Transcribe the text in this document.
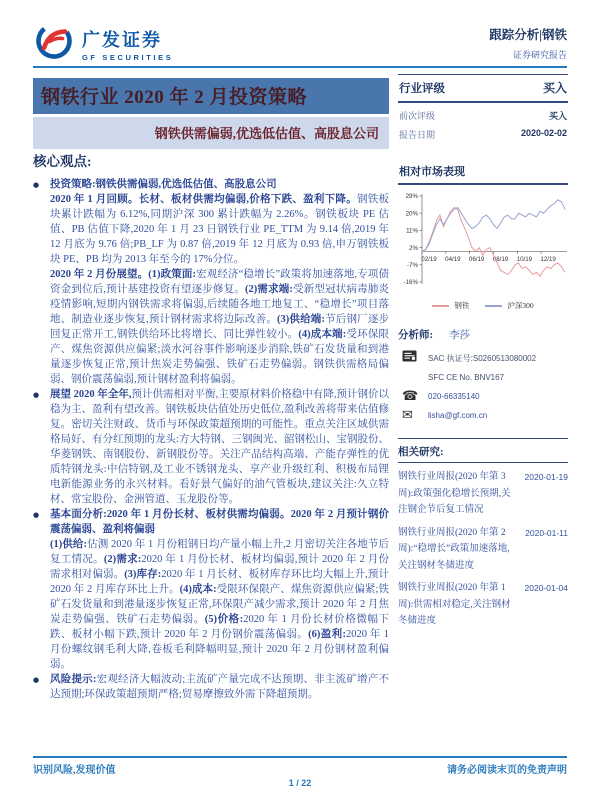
广发证券
GF SECURITIES
跟踪分析|钢铁
证券研究报告
钢铁行业 2020 年 2 月投资策略
钢铁供需偏弱,优选低估值、高股息公司
行业评级	买入
前次评级	买入
报告日期	2020-02-02
相对市场表现
29%
20%
11%
2%
-7%
-16%
02/19 04/19 06/19 08/19 10/19 12/19
钢铁	沪深300
分析师: 李莎
SAC 执证号:S0260513080002
SFC CE No. BNV167
☎	020-66335140
✉	lisha@gf.com.cn
相关研究:
钢铁行业周报(2020 年第 3 周):政策强化稳增长预期,关注钢企节后复工情况
2020-01-19
钢铁行业周报(2020 年第 2 周):“稳增长”政策加速落地,关注钢材冬储进度
2020-01-11
钢铁行业周报(2020 年第 1 周):供需相对稳定,关注钢材冬储进度
2020-01-04
核心观点:
●	投资策略:钢铁供需偏弱,优选低估值、高股息公司
2020 年 1 月回顾。长材、板材供需均偏弱,价格下跌、盈利下降。钢铁板块累计跌幅为 6.12%,同期沪深 300 累计跌幅为 2.26%。钢铁板块 PE 估值、PB 估值下降,2020 年 1 月 23 日钢铁行业 PE_TTM 为 9.14 倍,2019 年 12 月底为 9.76 倍;PB_LF 为 0.87 倍,2019 年 12 月底为 0.93 倍,申万钢铁板块 PE、PB 均为 2013 年至今的 17%分位。
2020 年 2 月份展望。(1)政策面:宏观经济“稳增长”政策将加速落地,专项债资金到位后,预计基建投资有望逐步修复。(2)需求端:受新型冠状病毒肺炎疫情影响,短期内钢铁需求将偏弱,后续随各地工地复工、“稳增长”项目落地、制造业逐步恢复,预计钢材需求将边际改善。(3)供给端:节后钢厂逐步回复正常开工,钢铁供给环比将增长、同比弹性较小。(4)成本端:受环保限产、煤焦资源供应偏紧;淡水河谷事件影响逐步消除,铁矿石发货量和到港量逐步恢复正常,预计焦炭走势偏强、铁矿石走势偏弱。钢铁供需格局偏弱、钢价震荡偏弱,预计钢材盈利将偏弱。
●	展望 2020 年全年,预计供需相对平衡,主要原材料价格稳中有降,预计钢价以稳为主、盈利有望改善。钢铁板块估值处历史低位,盈利改善将带来估值修复。密切关注财政、货币与环保政策超预期的可能性。重点关注区域供需格局好、有分红预期的龙头:方大特钢、三钢闽光、韶钢松山、宝钢股份、华菱钢铁、南钢股份、新钢股份等。关注产品结构高端、产能存弹性的优质特钢龙头:中信特钢,及工业不锈钢龙头、享产业升级红利、积极布局锂电新能源业务的永兴材料。看好景气偏好的油气管板块,建议关注:久立特材、常宝股份、金洲管道、玉龙股份等。
●	基本面分析:2020 年 1 月份长材、板材供需均偏弱。2020 年 2 月预计钢价震荡偏弱、盈利将偏弱
(1)供给:估测 2020 年 1 月份粗钢日均产量小幅上升,2 月密切关注各地节后复工情况。(2)需求:2020 年 1 月份长材、板材均偏弱,预计 2020 年 2 月份需求相对偏弱。(3)库存:2020 年 1 月长材、板材库存环比均大幅上升,预计 2020 年 2 月库存环比上升。(4)成本:受限环保限产、煤焦资源供应偏紧;铁矿石发货量和到港量逐步恢复正常,环保限产减少需求,预计 2020 年 2 月焦炭走势偏强、铁矿石走势偏弱。(5)价格:2020 年 1 月份长材价格微幅下跌、板材小幅下跌,预计 2020 年 2 月份钢价震荡偏弱。(6)盈利:2020 年 1 月份螺纹钢毛利大降,卷板毛利降幅明显,预计 2020 年 2 月份钢材盈利偏弱。
●	风险提示:宏观经济大幅波动;主流矿产量完成不达预期、非主流矿增产不达预期;环保政策超预期严格;贸易摩擦致外需下降超预期。
识别风险,发现价值	请务必阅读末页的免责声明
1 / 22
